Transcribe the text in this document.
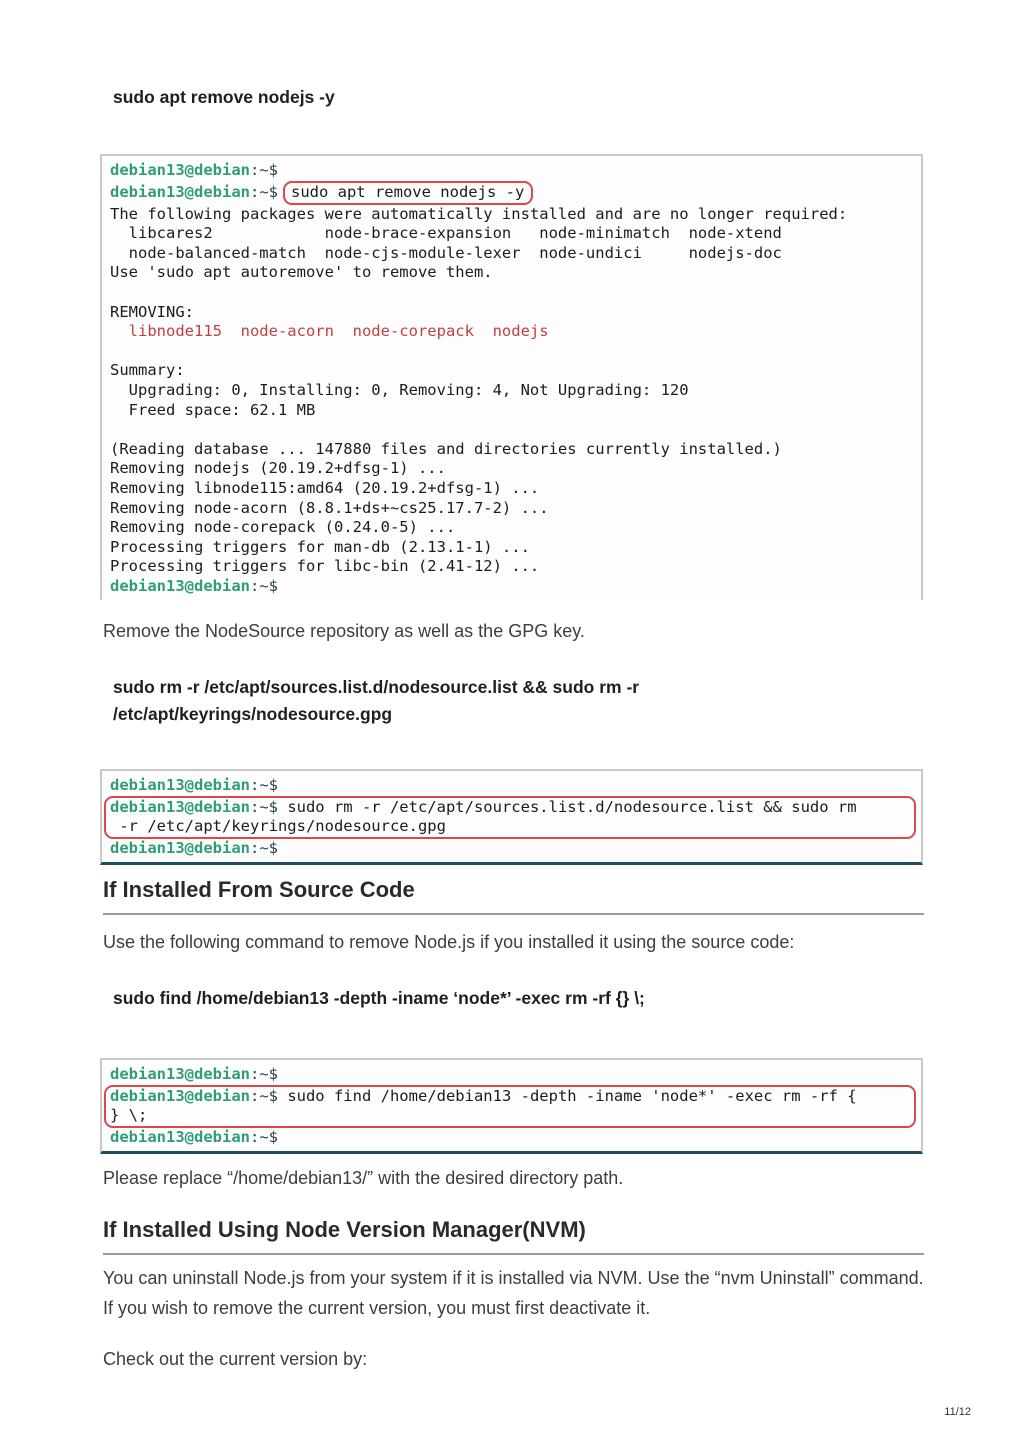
sudo apt remove nodejs -y
debian13@debian:~$
debian13@debian:~$ sudo apt remove nodejs -y
The following packages were automatically installed and are no longer required:
libcares2            node-brace-expansion   node-minimatch  node-xtend
node-balanced-match  node-cjs-module-lexer  node-undici     nodejs-doc
Use 'sudo apt autoremove' to remove them.
REMOVING:
libnode115  node-acorn  node-corepack  nodejs
Summary:
Upgrading: 0, Installing: 0, Removing: 4, Not Upgrading: 120
Freed space: 62.1 MB
(Reading database ... 147880 files and directories currently installed.)
Removing nodejs (20.19.2+dfsg-1) ...
Removing libnode115:amd64 (20.19.2+dfsg-1) ...
Removing node-acorn (8.8.1+ds+~cs25.17.7-2) ...
Removing node-corepack (0.24.0-5) ...
Processing triggers for man-db (2.13.1-1) ...
Processing triggers for libc-bin (2.41-12) ...
debian13@debian:~$
Remove the NodeSource repository as well as the GPG key.
sudo rm -r /etc/apt/sources.list.d/nodesource.list && sudo rm -r
/etc/apt/keyrings/nodesource.gpg
debian13@debian:~$
debian13@debian:~$ sudo rm -r /etc/apt/sources.list.d/nodesource.list && sudo rm
-r /etc/apt/keyrings/nodesource.gpg
debian13@debian:~$
If Installed From Source Code
Use the following command to remove Node.js if you installed it using the source code:
sudo find /home/debian13 -depth -iname ‘node*’ -exec rm -rf {} \;
debian13@debian:~$
debian13@debian:~$ sudo find /home/debian13 -depth -iname 'node*' -exec rm -rf {
} \;
debian13@debian:~$
Please replace “/home/debian13/” with the desired directory path.
If Installed Using Node Version Manager(NVM)
You can uninstall Node.js from your system if it is installed via NVM. Use the “nvm Uninstall” command. If you wish to remove the current version, you must first deactivate it.
Check out the current version by:
11/12
